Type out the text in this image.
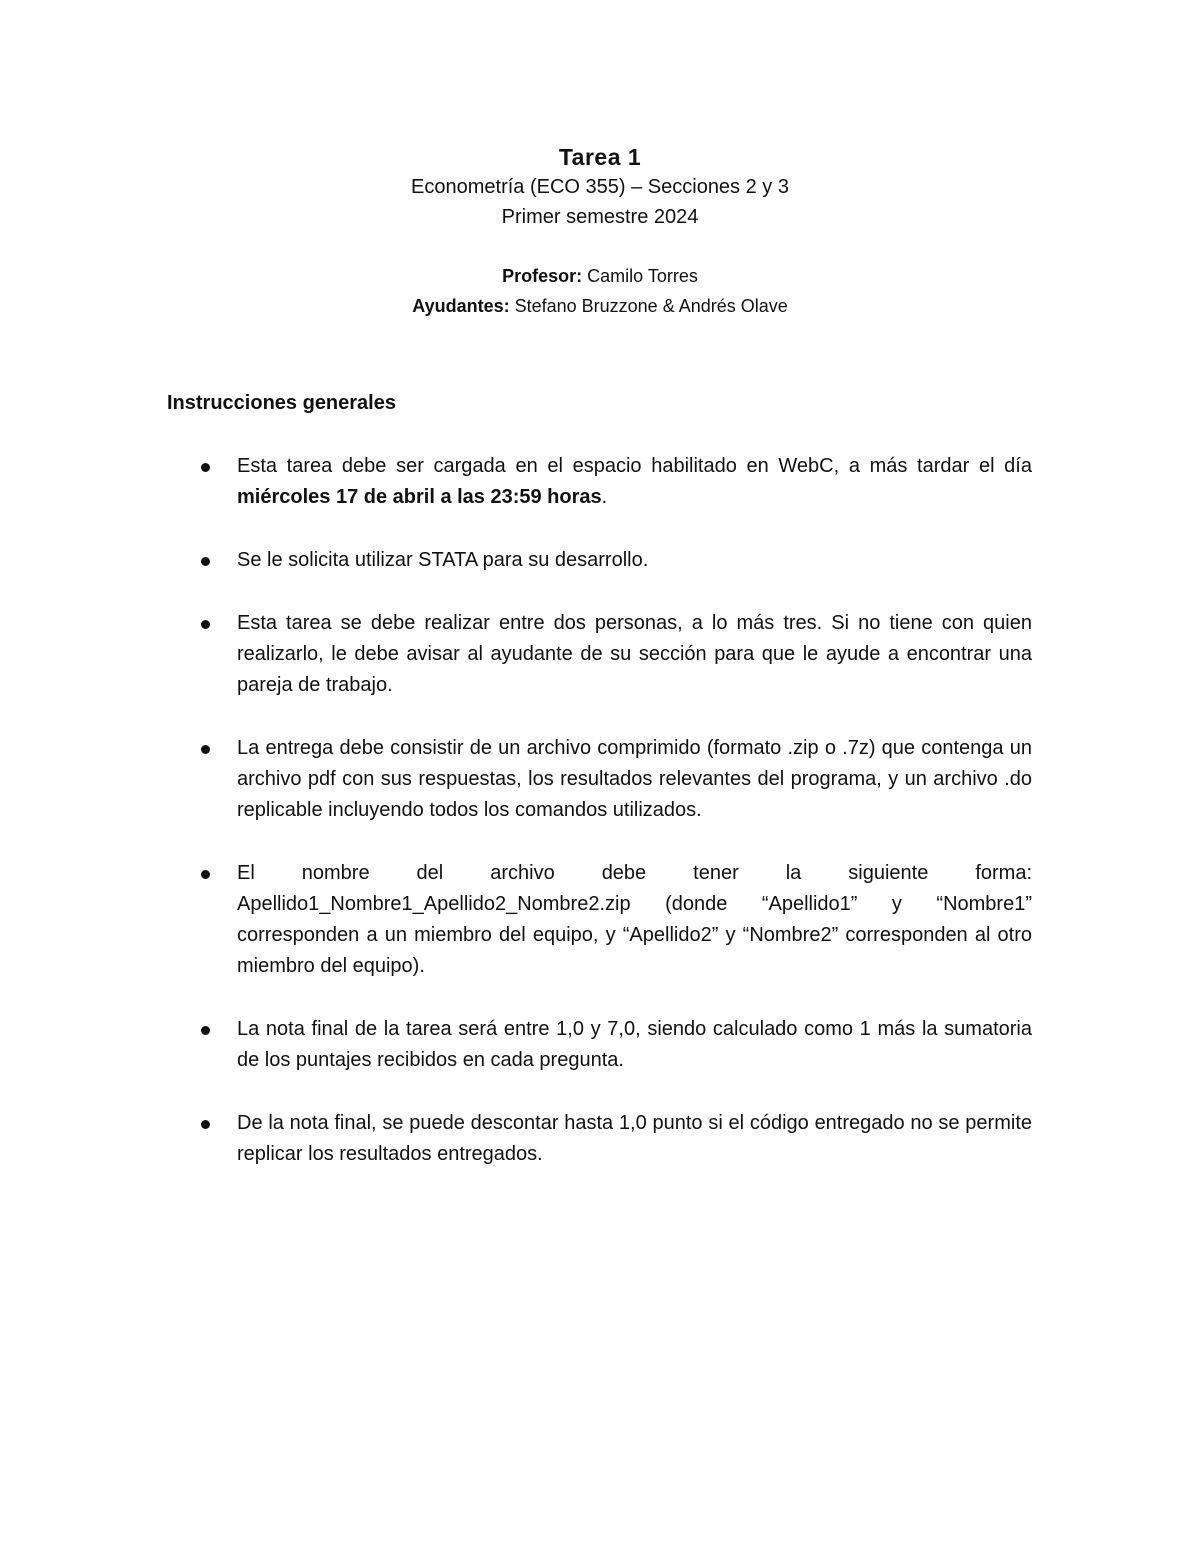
Tarea 1

Econometría (ECO 355) – Secciones 2 y 3

Primer semestre 2024

Profesor: Camilo Torres

Ayudantes: Stefano Bruzzone & Andrés Olave

Instrucciones generales

Esta tarea debe ser cargada en el espacio habilitado en WebC, a más tardar el día miércoles 17 de abril a las 23:59 horas.
Se le solicita utilizar STATA para su desarrollo.
Esta tarea se debe realizar entre dos personas, a lo más tres. Si no tiene con quien realizarlo, le debe avisar al ayudante de su sección para que le ayude a encontrar una pareja de trabajo.
La entrega debe consistir de un archivo comprimido (formato .zip o .7z) que contenga un archivo pdf con sus respuestas, los resultados relevantes del programa, y un archivo .do replicable incluyendo todos los comandos utilizados.
El nombre del archivo debe tener la siguiente forma:
Apellido1_Nombre1_Apellido2_Nombre2.zip (donde “Apellido1” y “Nombre1” corresponden a un miembro del equipo, y “Apellido2” y “Nombre2” corresponden al otro miembro del equipo).
La nota final de la tarea será entre 1,0 y 7,0, siendo calculado como 1 más la sumatoria de los puntajes recibidos en cada pregunta.
De la nota final, se puede descontar hasta 1,0 punto si el código entregado no se permite replicar los resultados entregados.
